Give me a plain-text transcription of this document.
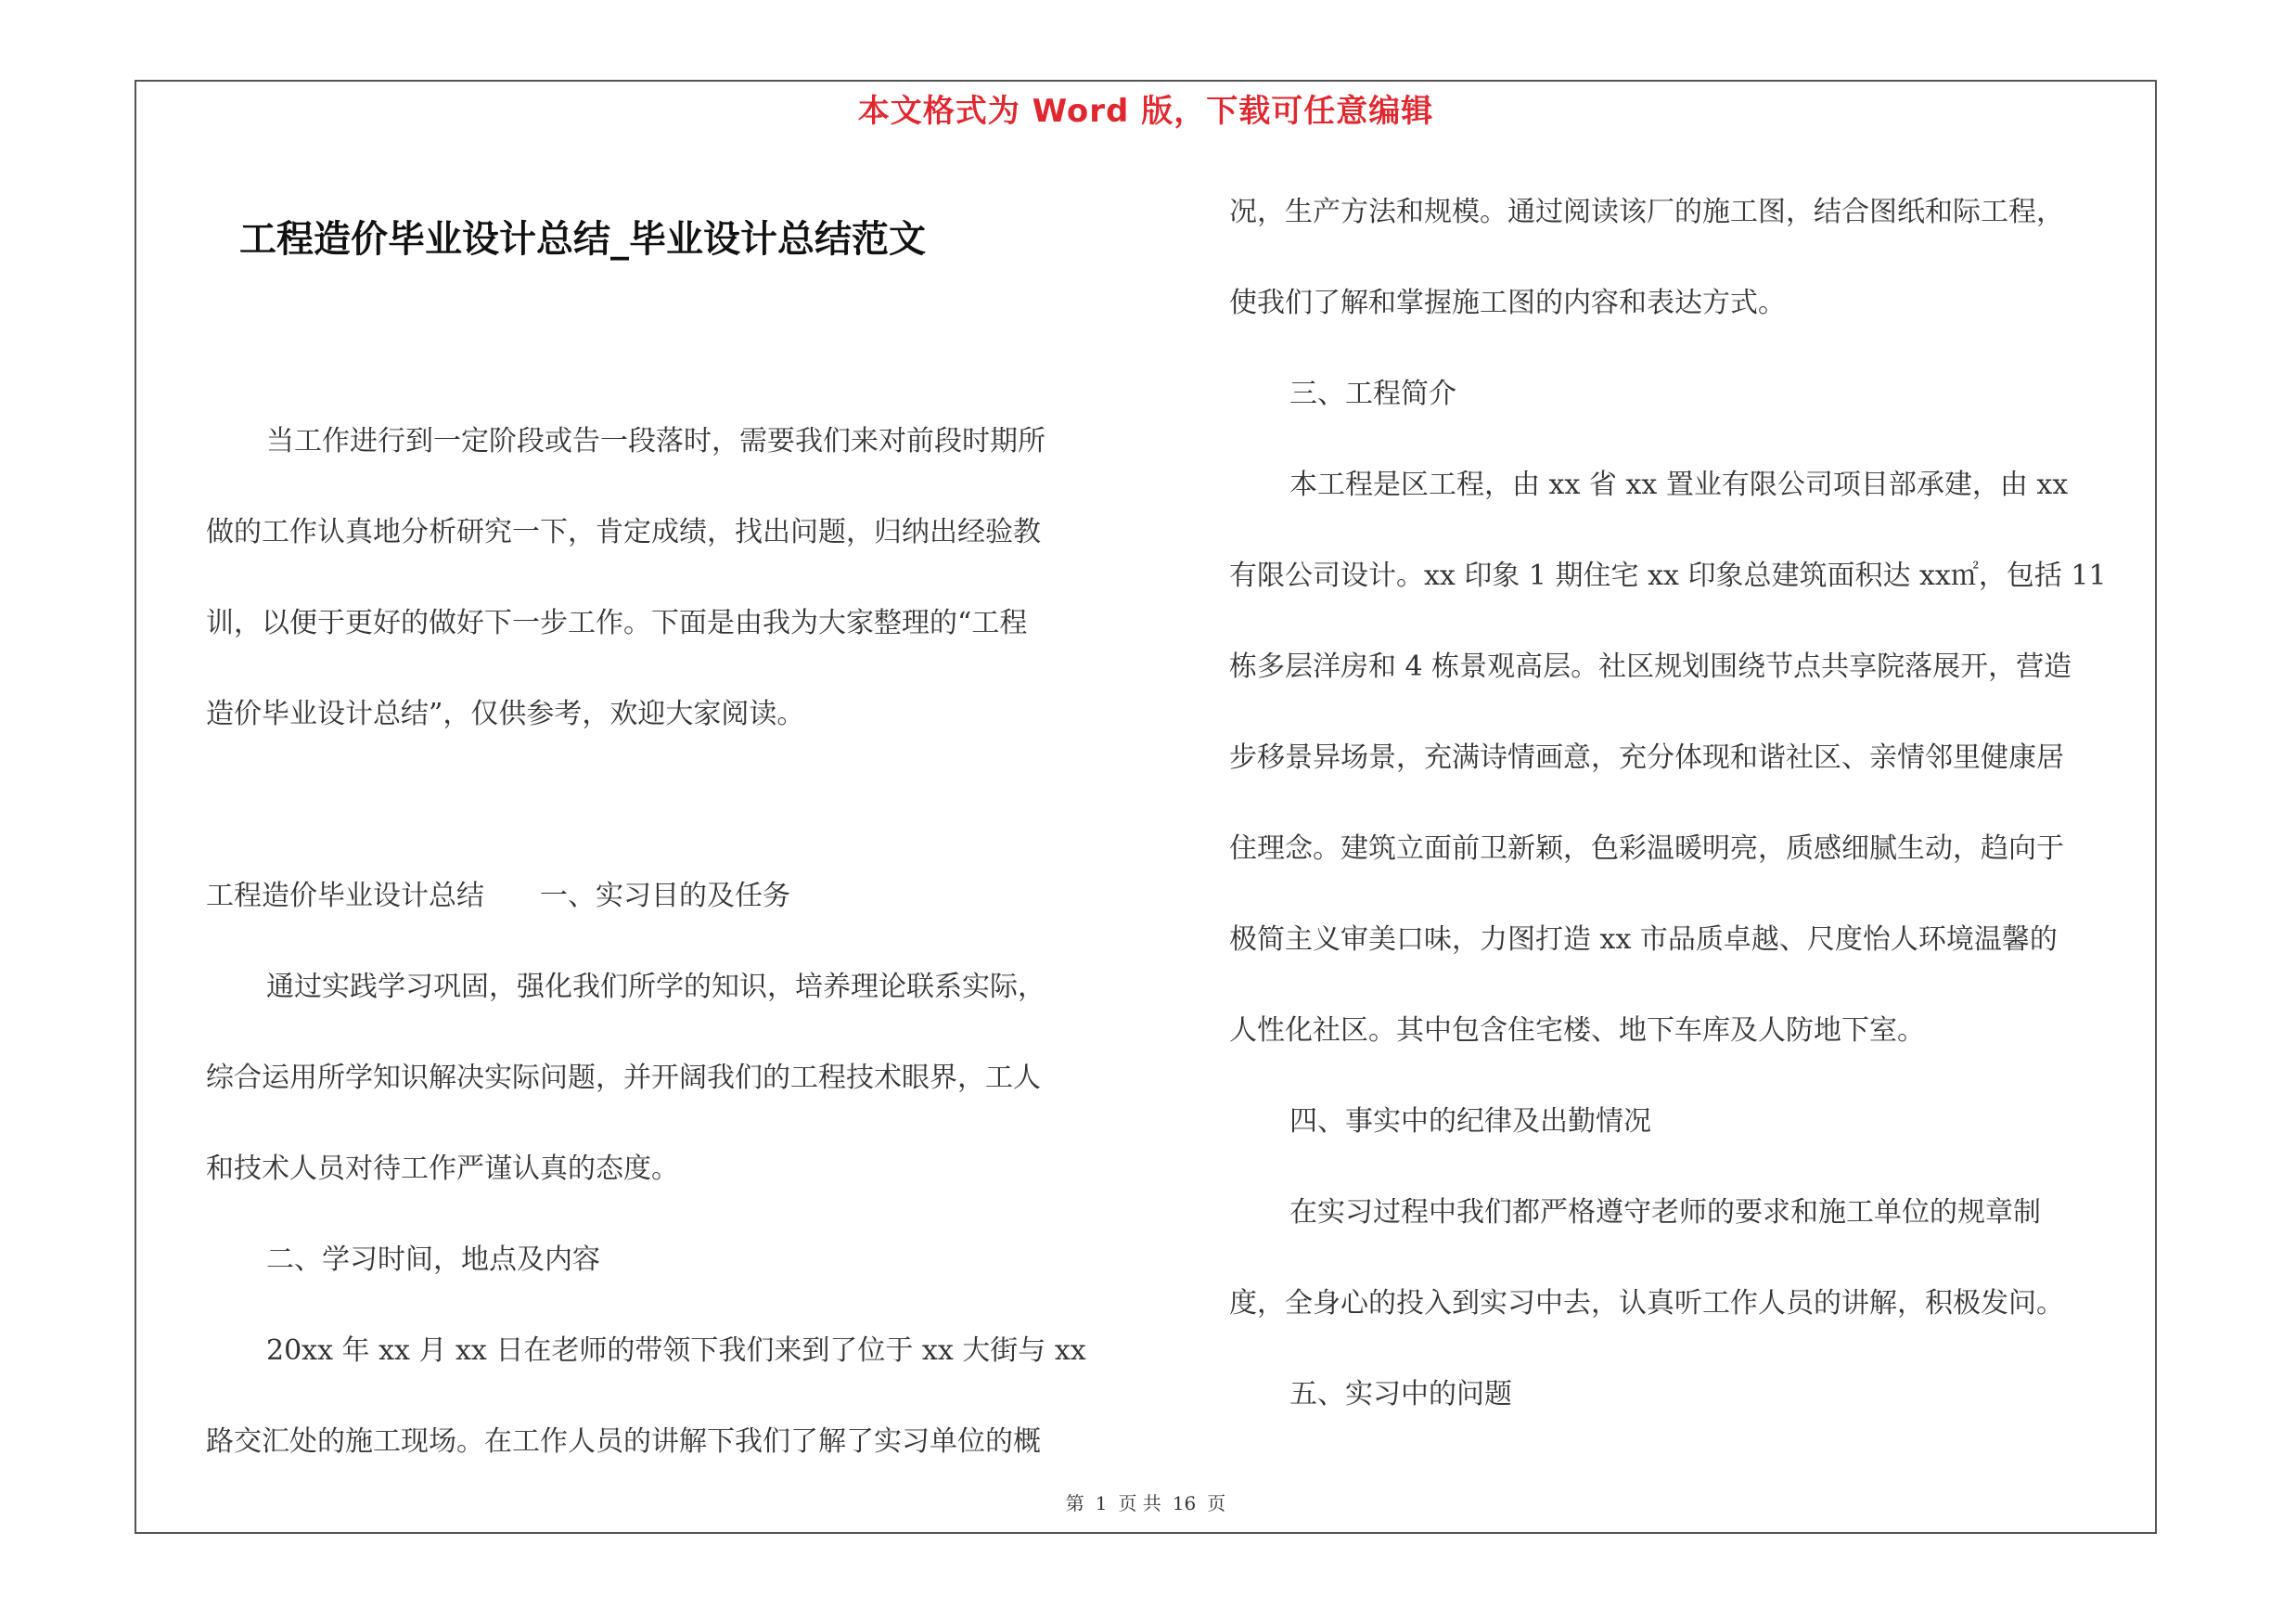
本文格式为 Word 版，下载可任意编辑
工程造价毕业设计总结_毕业设计总结范文

当工作进行到一定阶段或告一段落时，需要我们来对前段时期所

做的工作认真地分析研究一下，肯定成绩，找出问题，归纳出经验教

训，以便于更好的做好下一步工作。下面是由我为大家整理的“工程

造价毕业设计总结”，仅供参考，欢迎大家阅读。

工程造价毕业设计总结　　一、实习目的及任务

通过实践学习巩固，强化我们所学的知识，培养理论联系实际，

综合运用所学知识解决实际问题，并开阔我们的工程技术眼界，工人

和技术人员对待工作严谨认真的态度。

二、学习时间，地点及内容

20xx 年 xx 月 xx 日在老师的带领下我们来到了位于 xx 大街与 xx

路交汇处的施工现场。在工作人员的讲解下我们了解了实习单位的概

况，生产方法和规模。通过阅读该厂的施工图，结合图纸和际工程，

使我们了解和掌握施工图的内容和表达方式。

三、工程简介

本工程是区工程，由 xx 省 xx 置业有限公司项目部承建，由 xx

有限公司设计。xx 印象 1 期住宅 xx 印象总建筑面积达 xx㎡，包括 11

栋多层洋房和 4 栋景观高层。社区规划围绕节点共享院落展开，营造

步移景异场景，充满诗情画意，充分体现和谐社区、亲情邻里健康居

住理念。建筑立面前卫新颖，色彩温暖明亮，质感细腻生动，趋向于

极简主义审美口味，力图打造 xx 市品质卓越、尺度怡人环境温馨的

人性化社区。其中包含住宅楼、地下车库及人防地下室。

四、事实中的纪律及出勤情况

在实习过程中我们都严格遵守老师的要求和施工单位的规章制

度，全身心的投入到实习中去，认真听工作人员的讲解，积极发问。

五、实习中的问题

第 1 页 共 16 页
